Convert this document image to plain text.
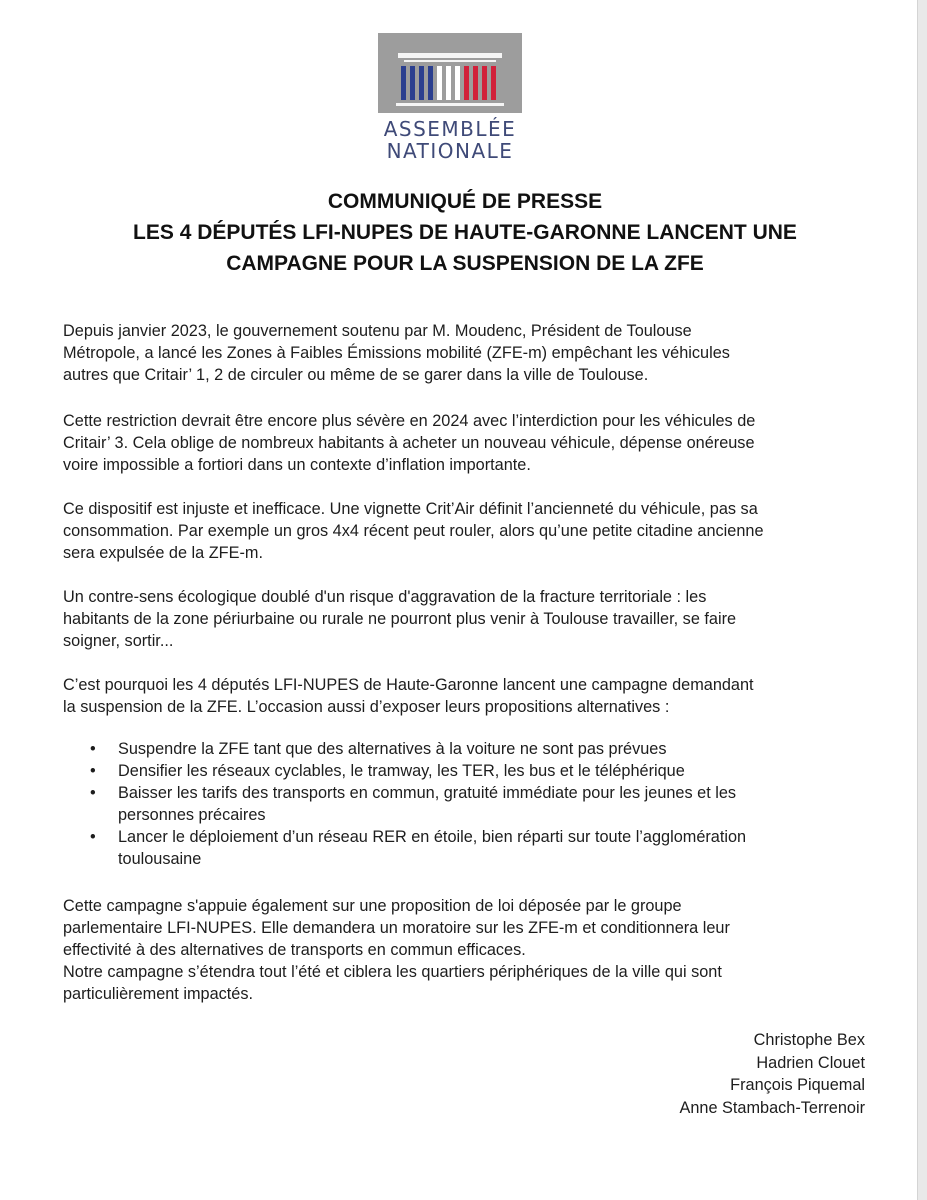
ASSEMBLÉE
NATIONALE
COMMUNIQUÉ DE PRESSE
LES 4 DÉPUTÉS LFI-NUPES DE HAUTE-GARONNE LANCENT UNE
CAMPAGNE POUR LA SUSPENSION DE LA ZFE
Depuis janvier 2023, le gouvernement soutenu par M. Moudenc, Président de Toulouse
Métropole, a lancé les Zones à Faibles Émissions mobilité (ZFE-m) empêchant les véhicules
autres que Critair’ 1, 2 de circuler ou même de se garer dans la ville de Toulouse.
Cette restriction devrait être encore plus sévère en 2024 avec l’interdiction pour les véhicules de
Critair’ 3. Cela oblige de nombreux habitants à acheter un nouveau véhicule, dépense onéreuse
voire impossible a fortiori dans un contexte d’inflation importante.
Ce dispositif est injuste et inefficace. Une vignette Crit’Air définit l’ancienneté du véhicule, pas sa
consommation. Par exemple un gros 4x4 récent peut rouler, alors qu’une petite citadine ancienne
sera expulsée de la ZFE-m.
Un contre-sens écologique doublé d'un risque d'aggravation de la fracture territoriale : les
habitants de la zone périurbaine ou rurale ne pourront plus venir à Toulouse travailler, se faire
soigner, sortir...
C’est pourquoi les 4 députés LFI-NUPES de Haute-Garonne lancent une campagne demandant
la suspension de la ZFE. L’occasion aussi d’exposer leurs propositions alternatives :
• Suspendre la ZFE tant que des alternatives à la voiture ne sont pas prévues
• Densifier les réseaux cyclables, le tramway, les TER, les bus et le téléphérique
• Baisser les tarifs des transports en commun, gratuité immédiate pour les jeunes et les
personnes précaires
• Lancer le déploiement d’un réseau RER en étoile, bien réparti sur toute l’agglomération
toulousaine
Cette campagne s'appuie également sur une proposition de loi déposée par le groupe
parlementaire LFI-NUPES. Elle demandera un moratoire sur les ZFE-m et conditionnera leur
effectivité à des alternatives de transports en commun efficaces.
Notre campagne s’étendra tout l’été et ciblera les quartiers périphériques de la ville qui sont
particulièrement impactés.
Christophe Bex
Hadrien Clouet
François Piquemal
Anne Stambach-Terrenoir
